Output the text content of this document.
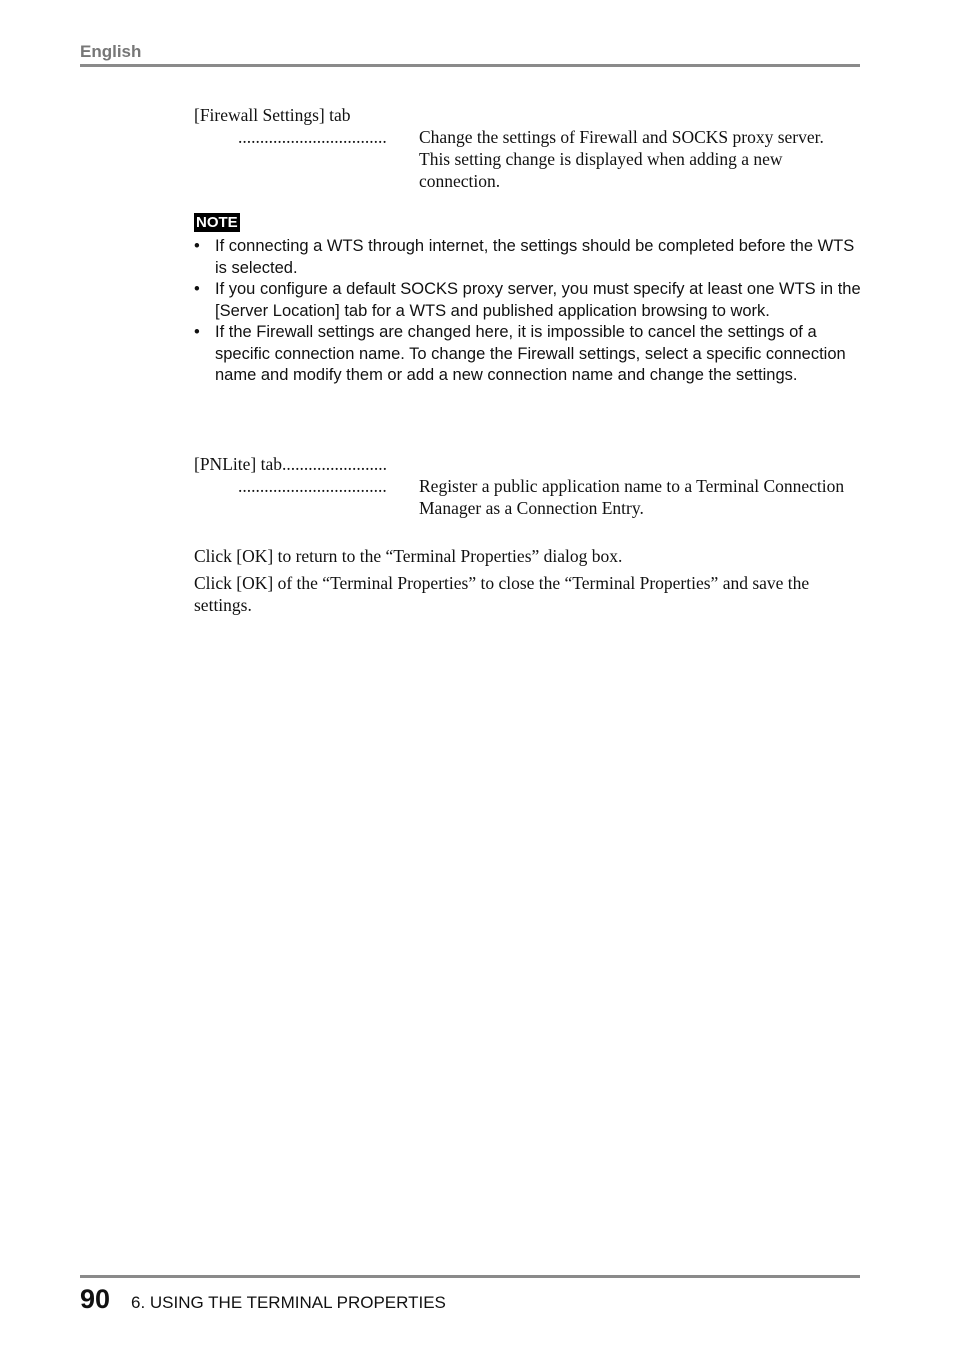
English
[Firewall Settings] tab
..................................	Change the settings of Firewall and SOCKS proxy server. This setting change is displayed when adding a new connection.
NOTE
• If connecting a WTS through internet, the settings should be completed before the WTS is selected.
• If you configure a default SOCKS proxy server, you must specify at least one WTS in the [Server Location] tab for a WTS and published application browsing to work.
• If the Firewall settings are changed here, it is impossible to cancel the settings of a specific connection name. To change the Firewall settings, select a specific connection name and modify them or add a new connection name and change the settings.
[PNLite] tab........................
..................................	Register a public application name to a Terminal Connection Manager as a Connection Entry.
Click [OK] to return to the “Terminal Properties” dialog box.
Click [OK] of the “Terminal Properties” to close the “Terminal Properties” and save the settings.
90 6. USING THE TERMINAL PROPERTIES
